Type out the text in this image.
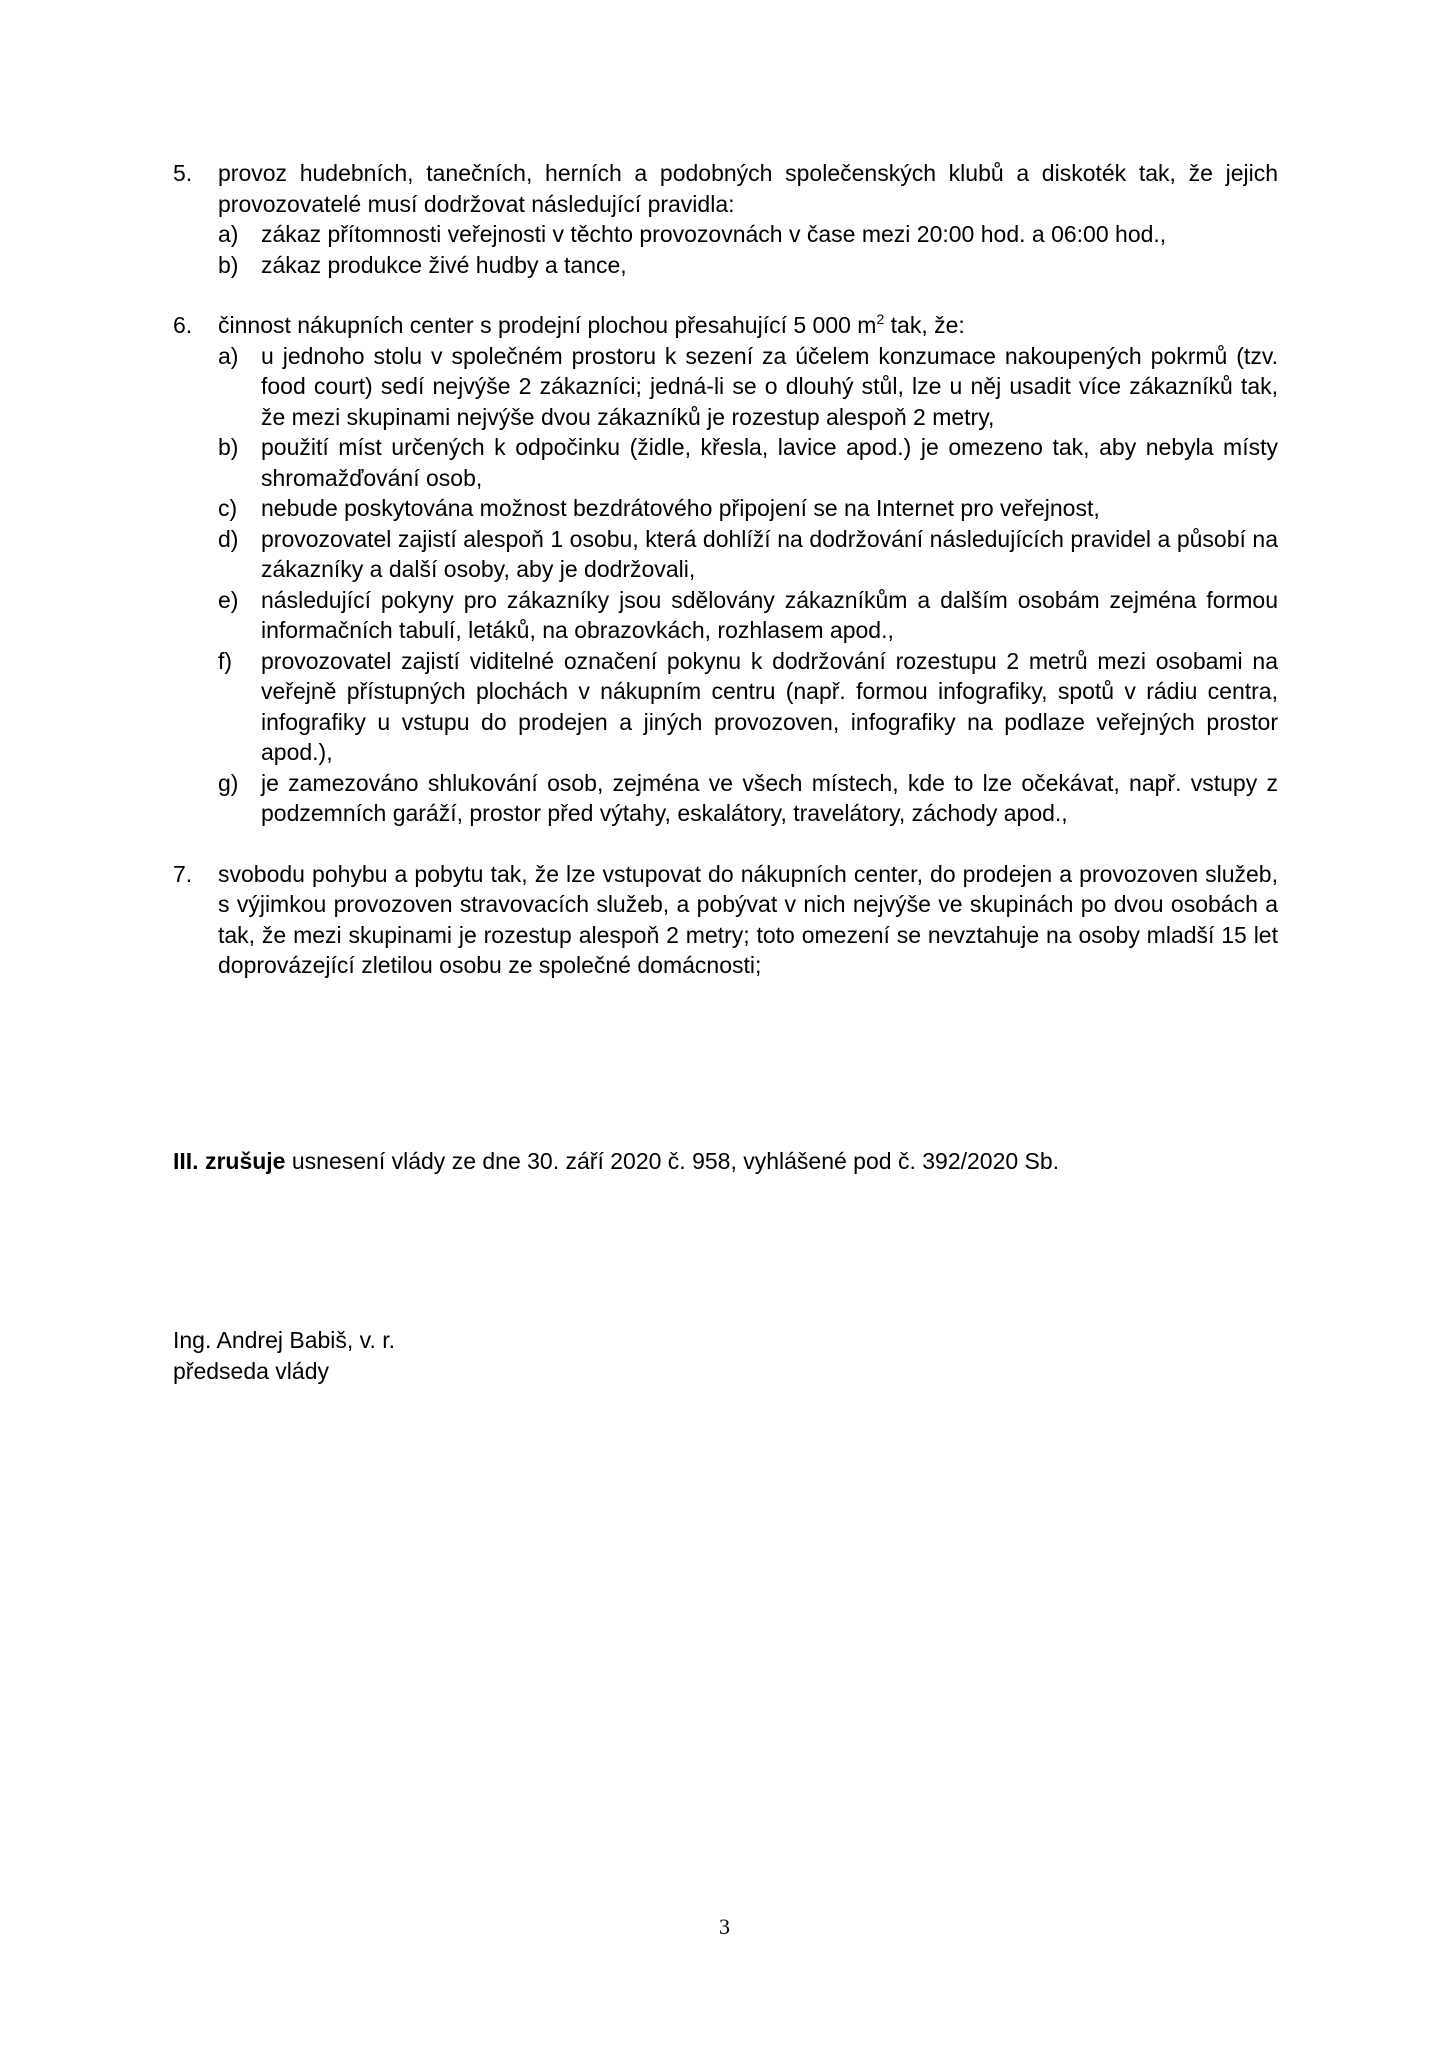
5. provoz hudebních, tanečních, herních a podobných společenských klubů a diskoték tak, že jejich provozovatelé musí dodržovat následující pravidla:
a) zákaz přítomnosti veřejnosti v těchto provozovnách v čase mezi 20:00 hod. a 06:00 hod.,
b) zákaz produkce živé hudby a tance,
6. činnost nákupních center s prodejní plochou přesahující 5 000 $m^2$ tak, že:
a) u jednoho stolu v společném prostoru k sezení za účelem konzumace nakoupených pokrmů (tzv. food court) sedí nejvýše 2 zákazníci; jedná-li se o dlouhý stůl, lze u něj usadit více zákazníků tak, že mezi skupinami nejvýše dvou zákazníků je rozestup alespoň 2 metry,
b) použití míst určených k odpočinku (židle, křesla, lavice apod.) je omezeno tak, aby nebyla místy shromažďování osob,
c) nebude poskytována možnost bezdrátového připojení se na Internet pro veřejnost,
d) provozovatel zajistí alespoň 1 osobu, která dohlíží na dodržování následujících pravidel a působí na zákazníky a další osoby, aby je dodržovali,
e) následující pokyny pro zákazníky jsou sdělovány zákazníkům a dalším osobám zejména formou informačních tabulí, letáků, na obrazovkách, rozhlasem apod.,
f) provozovatel zajistí viditelné označení pokynu k dodržování rozestupu 2 metrů mezi osobami na veřejně přístupných plochách v nákupním centru (např. formou infografiky, spotů v rádiu centra, infografiky u vstupu do prodejen a jiných provozoven, infografiky na podlaze veřejných prostor apod.),
g) je zamezováno shlukování osob, zejména ve všech místech, kde to lze očekávat, např. vstupy z podzemních garáží, prostor před výtahy, eskalátory, travelátory, záchody apod.,
7. svobodu pohybu a pobytu tak, že lze vstupovat do nákupních center, do prodejen a provozoven služeb, s výjimkou provozoven stravovacích služeb, a pobývat v nich nejvýše ve skupinách po dvou osobách a tak, že mezi skupinami je rozestup alespoň 2 metry; toto omezení se nevztahuje na osoby mladší 15 let doprovázející zletilou osobu ze společné domácnosti;
III. zrušuje usnesení vlády ze dne 30. září 2020 č. 958, vyhlášené pod č. 392/2020 Sb.
Ing. Andrej Babiš, v. r.
předseda vlády
3
